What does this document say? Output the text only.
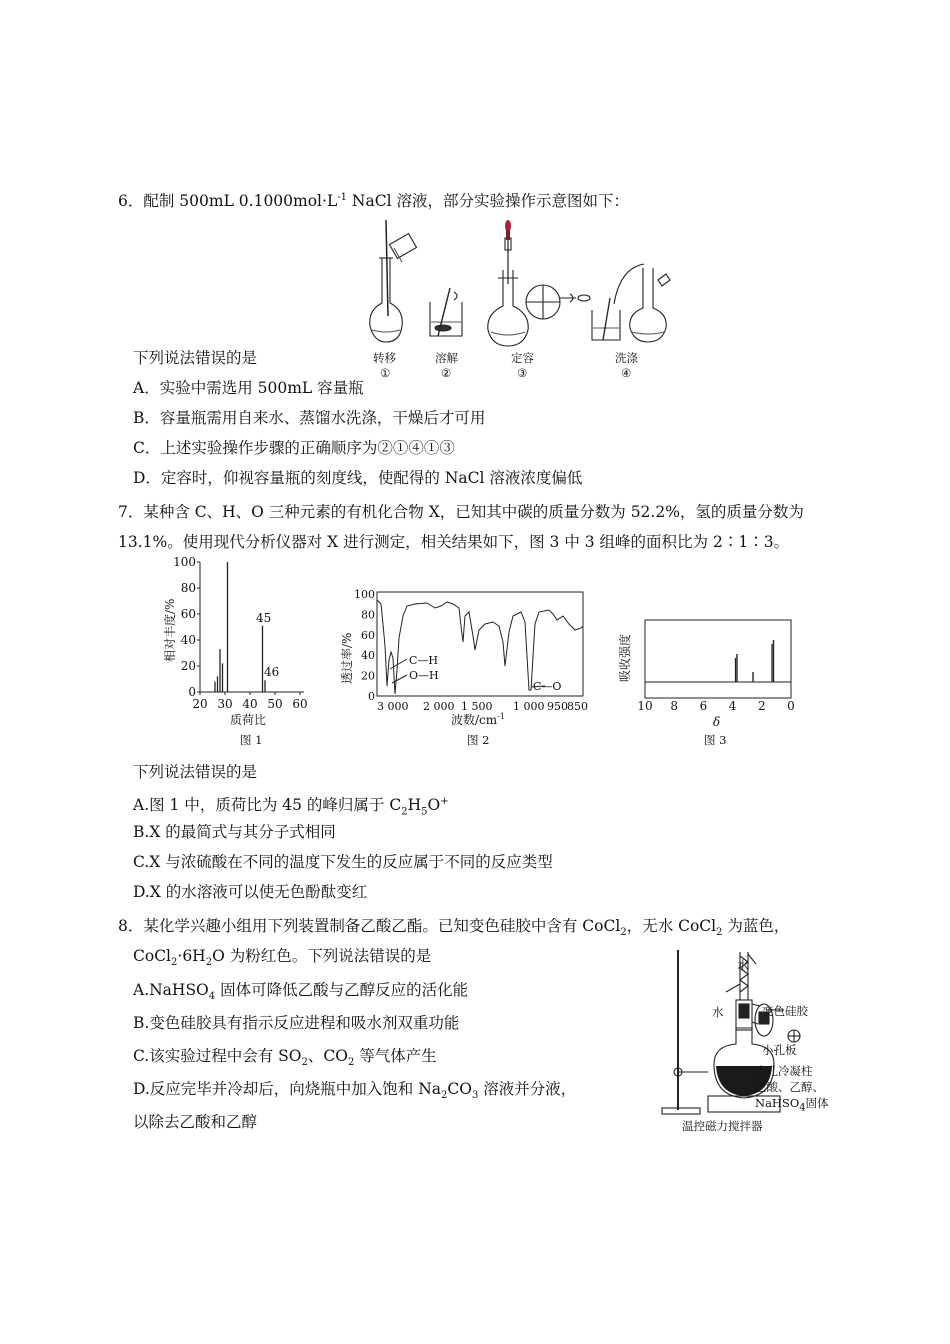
6．配制 500mL $0.1000mol\cdot L^{-1}$ NaCl 溶液，部分实验操作示意图如下：
转移
①
溶解
②
定容
③
洗涤
④
下列说法错误的是
A．实验中需选用 500mL 容量瓶
B．容量瓶需用自来水、蒸馏水洗涤，干燥后才可用
C．上述实验操作步骤的正确顺序为②①④①③
D．定容时，仰视容量瓶的刻度线，使配得的 NaCl 溶液浓度偏低
7．某种含 C、H、O 三种元素的有机化合物 X，已知其中碳的质量分数为 52.2%，氢的质量分数为
13.1%。使用现代分析仪器对 X 进行测定，相关结果如下，图 3 中 3 组峰的面积比为 2∶1∶3。
100
80
60
40
20
0
20 30 40 50 60
45
46
相对丰度/%
质荷比
图 1
100
80
60
40
20
0
C—H
O—H
C—O
3 000 2 000 1 500 1 000 950 850
透过率/%
波数$/cm^{-1}$
图 2
10 8 6 4 2 0
吸收强度
δ
图 3
下列说法错误的是
A.图 1 中，质荷比为 45 的峰归属于 $C_2H_5O^+$
B.X 的最简式与其分子式相同
C.X 与浓硫酸在不同的温度下发生的反应属于不同的反应类型
D.X 的水溶液可以使无色酚酞变红
8．某化学兴趣小组用下列装置制备乙酸乙酯。已知变色硅胶中含有 CoCl$_2$，无水 CoCl$_2$ 为蓝色，
$CoCl_2\cdot 6H_2O$ 为粉红色。下列说法错误的是
A.NaHSO$_4$ 固体可降低乙酸与乙醇反应的活化能
B.变色硅胶具有指示反应进程和吸水剂双重功能
C.该实验过程中会有 $SO_2$、$CO_2$ 等气体产生
D.反应完毕并冷却后，向烧瓶中加入饱和 $Na_2CO_3$ 溶液并分液，
以除去乙酸和乙醇
水
水	变色硅胶
小孔板
小孔冷凝柱
乙酸、乙醇、
NaHSO$_4$固体
温控磁力搅拌器
